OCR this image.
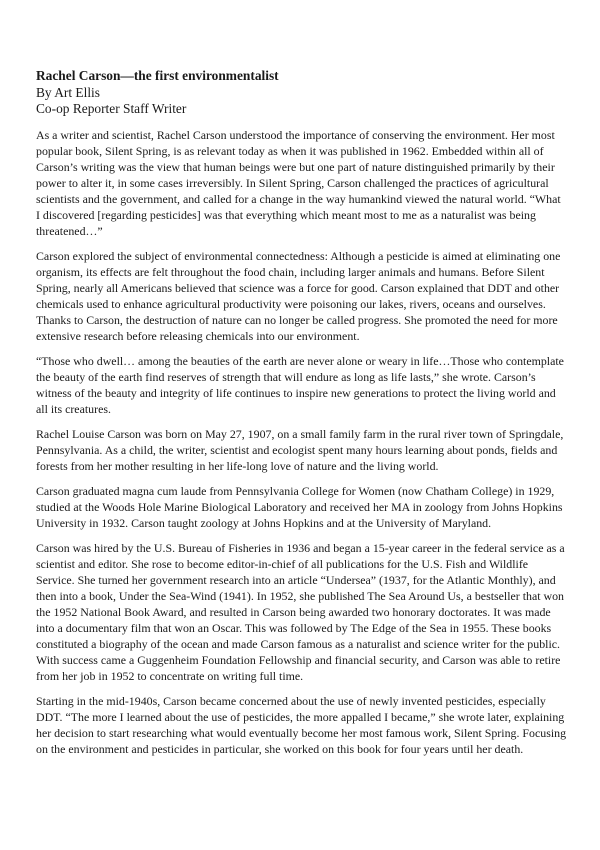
Rachel Carson—the first environmentalist
By Art Ellis
Co-op Reporter Staff Writer

As a writer and scientist, Rachel Carson understood the importance of conserving the environment. Her most popular book, Silent Spring, is as relevant today as when it was published in 1962. Embedded within all of Carson’s writing was the view that human beings were but one part of nature distinguished primarily by their power to alter it, in some cases irreversibly. In Silent Spring, Carson challenged the practices of agricultural scientists and the government, and called for a change in the way humankind viewed the natural world. “What I discovered [regarding pesticides] was that everything which meant most to me as a naturalist was being threatened…”

Carson explored the subject of environmental connectedness: Although a pesticide is aimed at eliminating one organism, its effects are felt throughout the food chain, including larger animals and humans. Before Silent Spring, nearly all Americans believed that science was a force for good. Carson explained that DDT and other chemicals used to enhance agricultural productivity were poisoning our lakes, rivers, oceans and ourselves. Thanks to Carson, the destruction of nature can no longer be called progress. She promoted the need for more extensive research before releasing chemicals into our environment.

“Those who dwell… among the beauties of the earth are never alone or weary in life…Those who contemplate the beauty of the earth find reserves of strength that will endure as long as life lasts,” she wrote. Carson’s witness of the beauty and integrity of life continues to inspire new generations to protect the living world and all its creatures.

Rachel Louise Carson was born on May 27, 1907, on a small family farm in the rural river town of Springdale, Pennsylvania. As a child, the writer, scientist and ecologist spent many hours learning about ponds, fields and forests from her mother resulting in her life-long love of nature and the living world.

Carson graduated magna cum laude from Pennsylvania College for Women (now Chatham College) in 1929, studied at the Woods Hole Marine Biological Laboratory and received her MA in zoology from Johns Hopkins University in 1932. Carson taught zoology at Johns Hopkins and at the University of Maryland.

Carson was hired by the U.S. Bureau of Fisheries in 1936 and began a 15-year career in the federal service as a scientist and editor. She rose to become editor-in-chief of all publications for the U.S. Fish and Wildlife Service. She turned her government research into an article “Undersea” (1937, for the Atlantic Monthly), and then into a book, Under the Sea-Wind (1941). In 1952, she published The Sea Around Us, a bestseller that won the 1952 National Book Award, and resulted in Carson being awarded two honorary doctorates. It was made into a documentary film that won an Oscar. This was followed by The Edge of the Sea in 1955. These books constituted a biography of the ocean and made Carson famous as a naturalist and science writer for the public. With success came a Guggenheim Foundation Fellowship and financial security, and Carson was able to retire from her job in 1952 to concentrate on writing full time.

Starting in the mid-1940s, Carson became concerned about the use of newly invented pesticides, especially DDT. “The more I learned about the use of pesticides, the more appalled I became,” she wrote later, explaining her decision to start researching what would eventually become her most famous work, Silent Spring. Focusing on the environment and pesticides in particular, she worked on this book for four years until her death.
